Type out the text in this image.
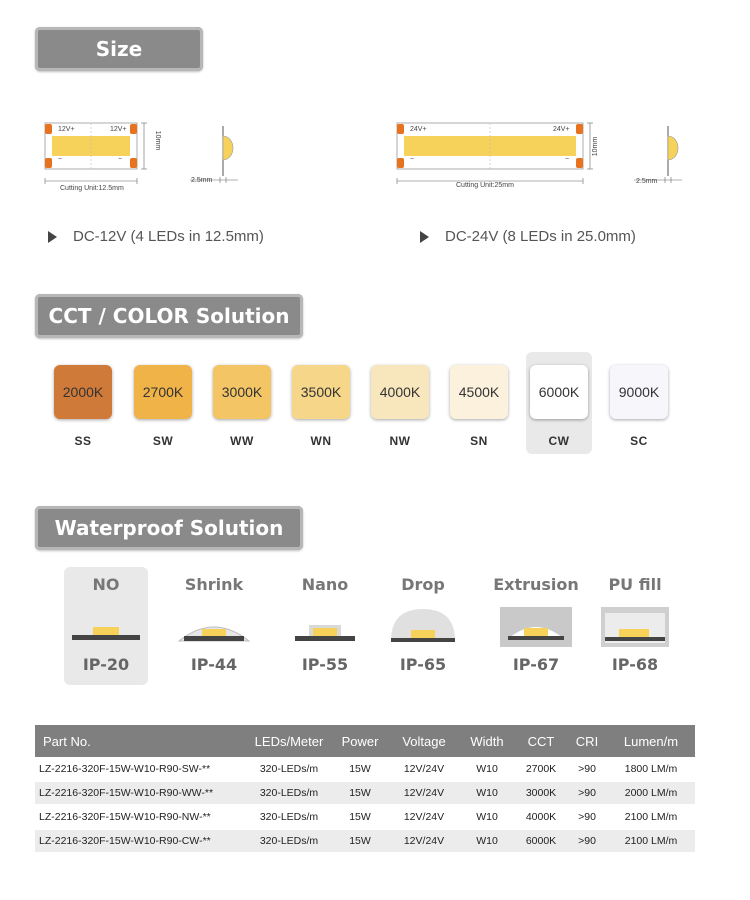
Size
CCT / COLOR Solution
Waterproof Solution
12V+	12V+
−	−
10mm
Cutting Unit:12.5mm
2.5mm
24V+	24V+
−	−
10mm
Cutting Unit:25mm
2.5mm
DC-12V (4 LEDs in 12.5mm)	DC-24V (8 LEDs in 25.0mm)
2000K
SS
2700K
SW
3000K
WW
3500K
WN
4000K
NW
4500K
SN
6000K
CW
9000K
SC
NO
IP-20
Shrink
IP-44
Nano
IP-55
Drop
IP-65
Extrusion
IP-67
PU fill
IP-68
Part No.	LEDs/Meter	Power	Voltage	Width	CCT	CRI	Lumen/m
LZ-2216-320F-15W-W10-R90-SW-**	320-LEDs/m	15W	12V/24V	W10	2700K	>90	1800 LM/m
LZ-2216-320F-15W-W10-R90-WW-**	320-LEDs/m	15W	12V/24V	W10	3000K	>90	2000 LM/m
LZ-2216-320F-15W-W10-R90-NW-**	320-LEDs/m	15W	12V/24V	W10	4000K	>90	2100 LM/m
LZ-2216-320F-15W-W10-R90-CW-**	320-LEDs/m	15W	12V/24V	W10	6000K	>90	2100 LM/m
